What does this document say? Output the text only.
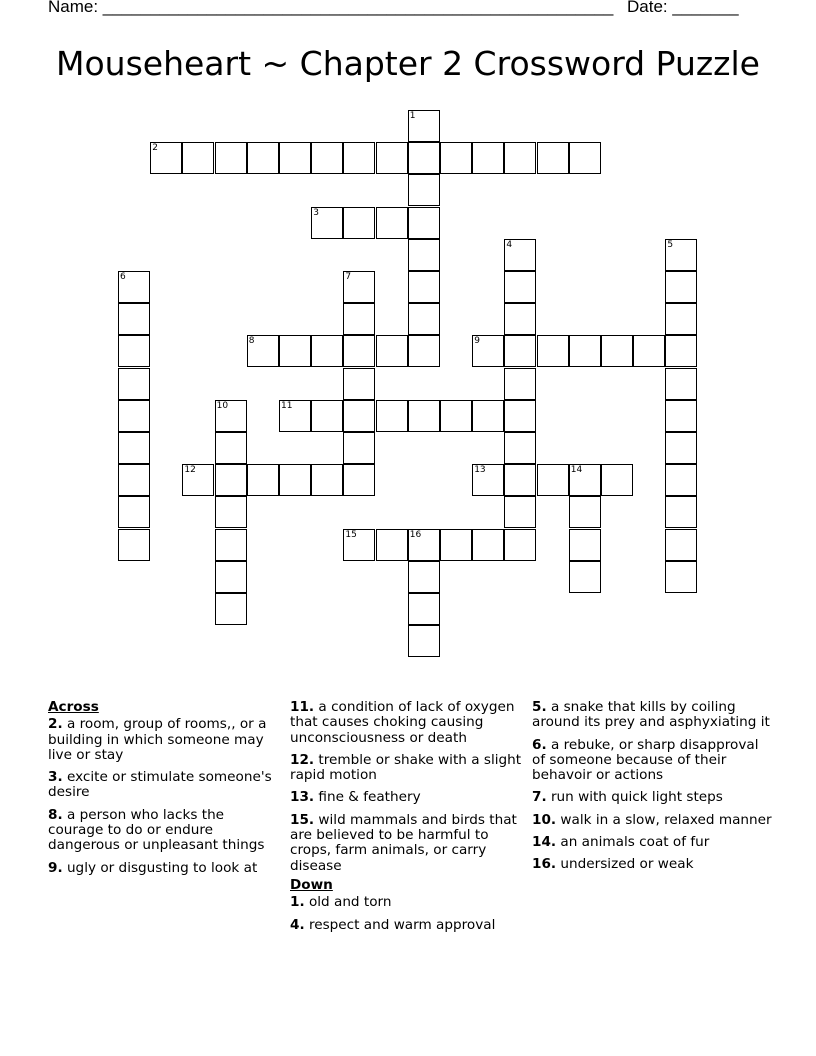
Name: ______________________________________________________ Date: _______
Mouseheart ~ Chapter 2 Crossword Puzzle
1
2
3
4	5
6	7
8	9
10	11
12	13	14
15	16
Across
2. a room, group of rooms,, or a building in which someone may live or stay
3. excite or stimulate someone's desire
8. a person who lacks the courage to do or endure dangerous or unpleasant things
9. ugly or disgusting to look at
11. a condition of lack of oxygen that causes choking causing unconsciousness or death
12. tremble or shake with a slight rapid motion
13. fine & feathery
15. wild mammals and birds that are believed to be harmful to crops, farm animals, or carry disease
Down
1. old and torn
4. respect and warm approval
5. a snake that kills by coiling around its prey and asphyxiating it
6. a rebuke, or sharp disapproval of someone because of their behavoir or actions
7. run with quick light steps
10. walk in a slow, relaxed manner
14. an animals coat of fur
16. undersized or weak
